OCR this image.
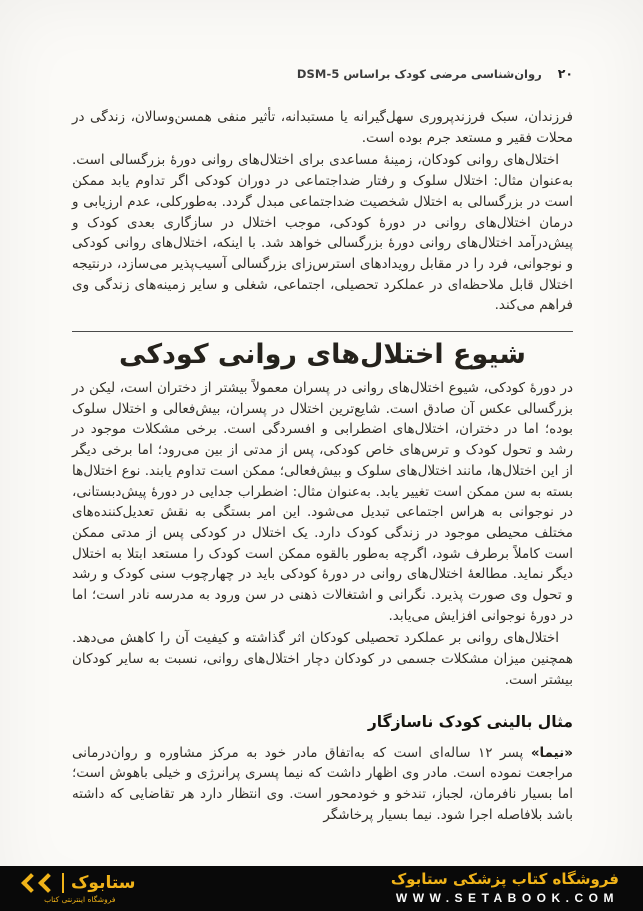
۲۰
روان‌شناسی مرضی کودک براساس DSM-5

فرزندان، سبک فرزندپروری سهل‌گیرانه یا مستبدانه، تأثیر منفی همسن‌وسالان، زندگی در محلات فقیر و مستعد جرم بوده است.

اختلال‌های روانی کودکان، زمینهٔ مساعدی برای اختلال‌های روانی دورهٔ بزرگسالی است. به‌عنوان مثال: اختلال سلوک و رفتار ضداجتماعی در دوران کودکی اگر تداوم یابد ممکن است در بزرگسالی به اختلال شخصیت ضداجتماعی مبدل گردد. به‌طورکلی، عدم ارزیابی و درمان اختلال‌های روانی در دورهٔ کودکی، موجب اختلال در سازگاری بعدی کودک و پیش‌درآمد اختلال‌های روانی دورهٔ بزرگسالی خواهد شد. با اینکه، اختلال‌های روانی کودکی و نوجوانی، فرد را در مقابل رویدادهای استرس‌زای بزرگسالی آسیب‌پذیر می‌سازد، درنتیجه اختلال قابل ملاحظه‌ای در عملکرد تحصیلی، اجتماعی، شغلی و سایر زمینه‌های زندگی وی فراهم می‌کند.

شیوع اختلال‌های روانی کودکی

در دورهٔ کودکی، شیوع اختلال‌های روانی در پسران معمولاً بیشتر از دختران است، لیکن در بزرگسالی عکس آن صادق است. شایع‌ترین اختلال در پسران، بیش‌فعالی و اختلال سلوک بوده؛ اما در دختران، اختلال‌های اضطرابی و افسردگی است. برخی مشکلات موجود در رشد و تحول کودک و ترس‌های خاص کودکی، پس از مدتی از بین می‌رود؛ اما برخی دیگر از این اختلال‌ها، مانند اختلال‌های سلوک و بیش‌فعالی؛ ممکن است تداوم یابند. نوع اختلال‌ها بسته به سن ممکن است تغییر یابد. به‌عنوان مثال: اضطراب جدایی در دورهٔ پیش‌دبستانی، در نوجوانی به هراس اجتماعی تبدیل می‌شود. این امر بستگی به نقش تعدیل‌کننده‌های مختلف محیطی موجود در زندگی کودک دارد. یک اختلال در کودکی پس از مدتی ممکن است کاملاً برطرف شود، اگرچه به‌طور بالقوه ممکن است کودک را مستعد ابتلا به اختلال دیگر نماید. مطالعهٔ اختلال‌های روانی در دورهٔ کودکی باید در چهارچوب سنی کودک و رشد و تحول وی صورت پذیرد. نگرانی و اشتغالات ذهنی در سن ورود به مدرسه نادر است؛ اما در دورهٔ نوجوانی افزایش می‌یابد.

اختلال‌های روانی بر عملکرد تحصیلی کودکان اثر گذاشته و کیفیت آن را کاهش می‌دهد. همچنین میزان مشکلات جسمی در کودکان دچار اختلال‌های روانی، نسبت به سایر کودکان بیشتر است.

مثال بالینی کودک ناسازگار

«نیما» پسر ۱۲ ساله‌ای است که به‌اتفاق مادر خود به مرکز مشاوره و روان‌درمانی مراجعت نموده است. مادر وی اظهار داشت که نیما پسری پرانرژی و خیلی باهوش است؛ اما بسیار نافرمان، لجباز، تندخو و خودمحور است. وی انتظار دارد هر تقاضایی که داشته باشد بلافاصله اجرا شود. نیما بسیار پرخاشگر

ستابوک
فروشگاه اینترنتی کتاب
فروشگاه کتاب پزشکی ستابوک
WWW.SETABOOK.COM
